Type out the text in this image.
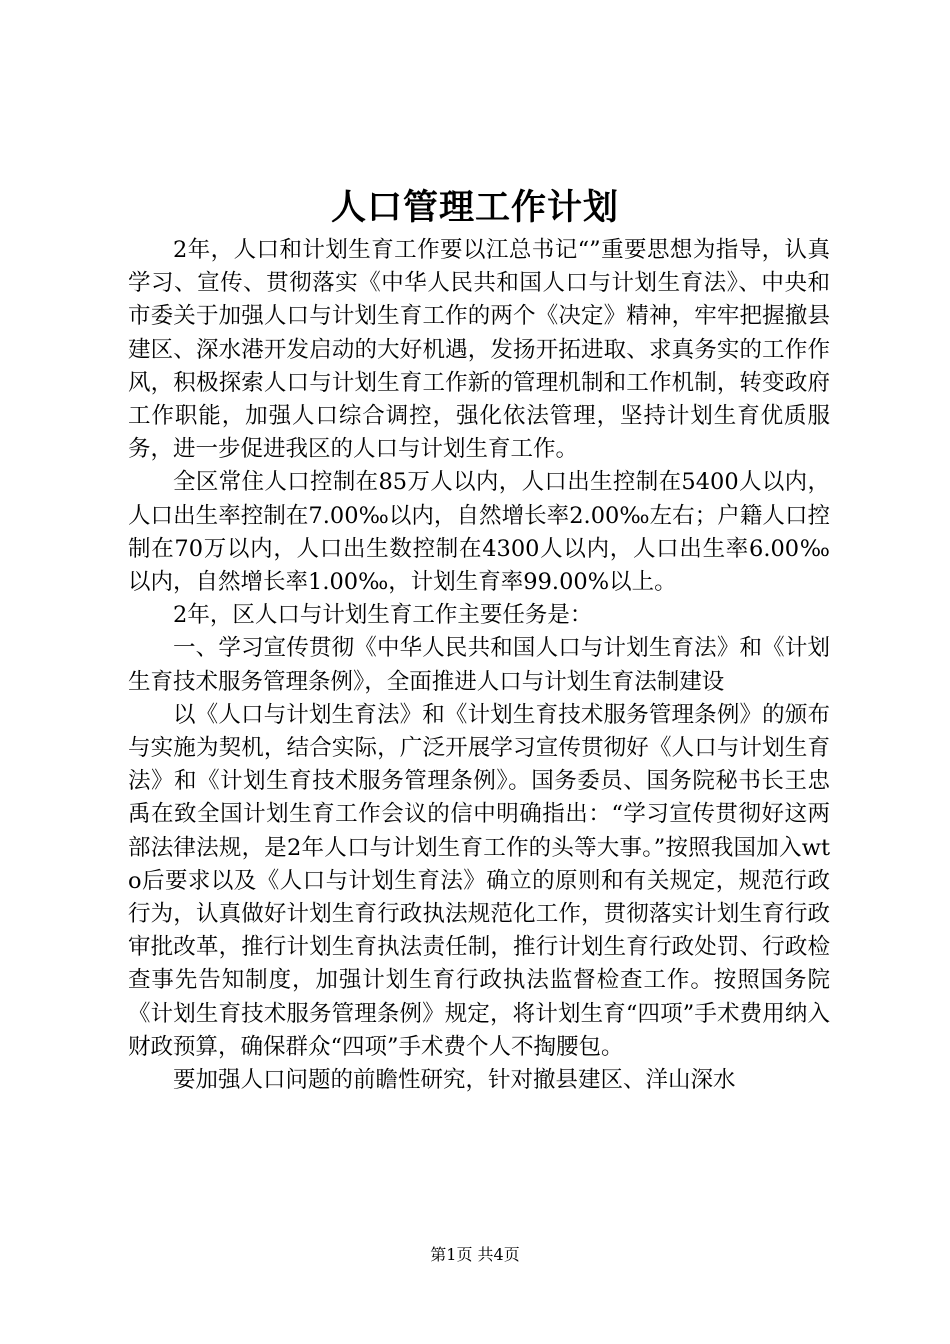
人口管理工作计划

2年，人口和计划生育工作要以江总书记“”重要思想为指导，认真学习、宣传、贯彻落实《中华人民共和国人口与计划生育法》、中央和市委关于加强人口与计划生育工作的两个《决定》精神，牢牢把握撤县建区、深水港开发启动的大好机遇，发扬开拓进取、求真务实的工作作风，积极探索人口与计划生育工作新的管理机制和工作机制，转变政府工作职能，加强人口综合调控，强化依法管理，坚持计划生育优质服务，进一步促进我区的人口与计划生育工作。

全区常住人口控制在85万人以内，人口出生控制在5400人以内，人口出生率控制在7.00‰以内，自然增长率2.00‰左右；户籍人口控制在70万以内，人口出生数控制在4300人以内，人口出生率6.00‰以内，自然增长率1.00‰，计划生育率99.00%以上。

2年，区人口与计划生育工作主要任务是：

一、学习宣传贯彻《中华人民共和国人口与计划生育法》和《计划生育技术服务管理条例》，全面推进人口与计划生育法制建设

以《人口与计划生育法》和《计划生育技术服务管理条例》的颁布与实施为契机，结合实际，广泛开展学习宣传贯彻好《人口与计划生育法》和《计划生育技术服务管理条例》。国务委员、国务院秘书长王忠禹在致全国计划生育工作会议的信中明确指出：“学习宣传贯彻好这两部法律法规，是2年人口与计划生育工作的头等大事。”按照我国加入wto后要求以及《人口与计划生育法》确立的原则和有关规定，规范行政行为，认真做好计划生育行政执法规范化工作，贯彻落实计划生育行政审批改革，推行计划生育执法责任制，推行计划生育行政处罚、行政检查事先告知制度，加强计划生育行政执法监督检查工作。按照国务院《计划生育技术服务管理条例》规定，将计划生育“四项”手术费用纳入财政预算，确保群众“四项”手术费个人不掏腰包。

要加强人口问题的前瞻性研究，针对撤县建区、洋山深水

第1页 共4页
